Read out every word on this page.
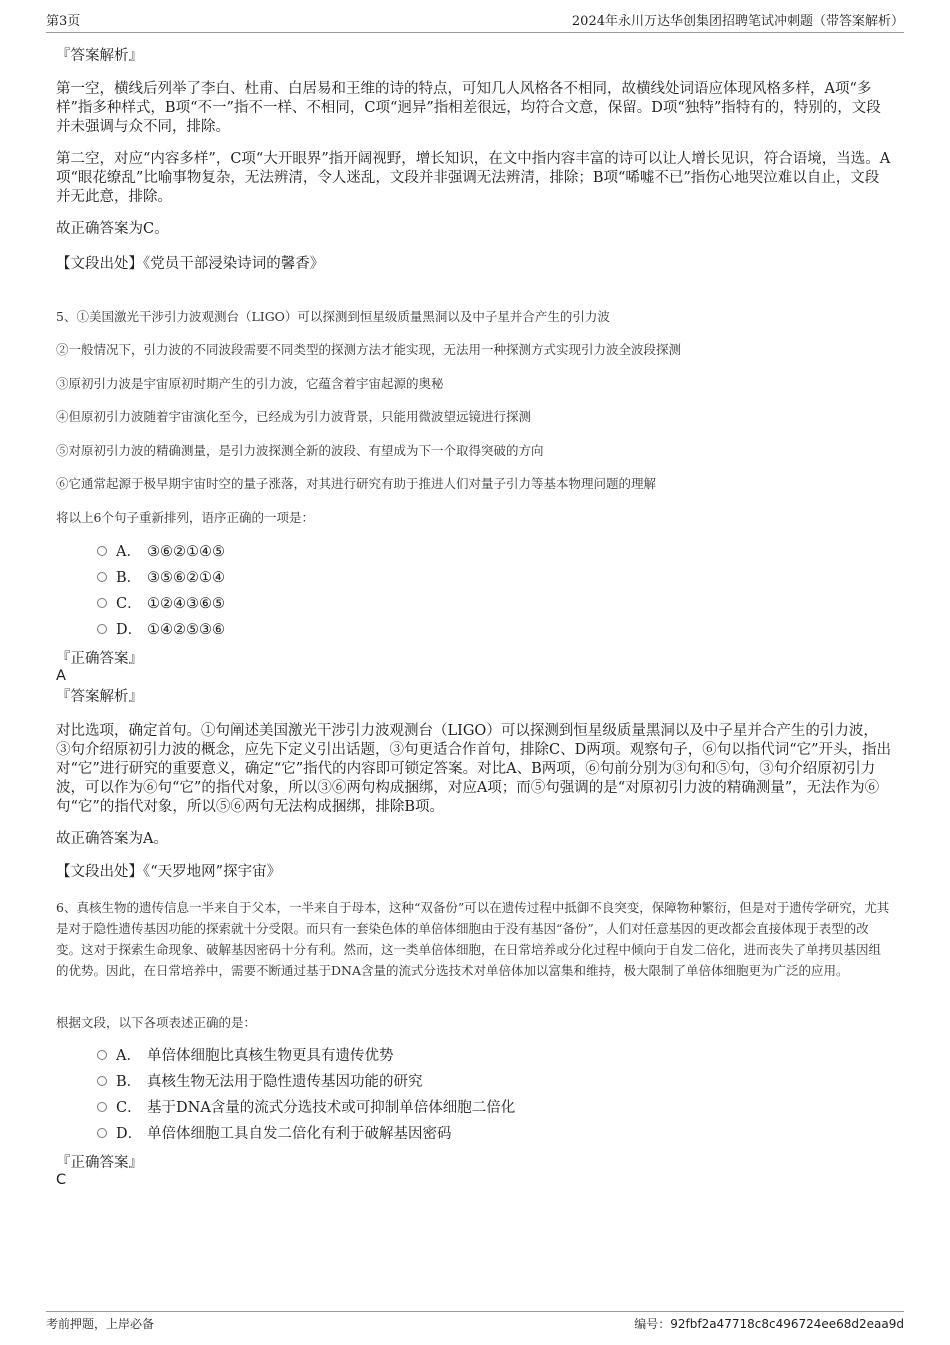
第3页	2024年永川万达华创集团招聘笔试冲刺题（带答案解析）

『答案解析』

第一空，横线后列举了李白、杜甫、白居易和王维的诗的特点，可知几人风格各不相同，故横线处词语应体现风格多样，A项“多样”指多种样式，B项“不一”指不一样、不相同，C项“迥异”指相差很远，均符合文意，保留。D项“独特”指特有的，特别的，文段并未强调与众不同，排除。

第二空，对应“内容多样”，C项“大开眼界”指开阔视野，增长知识，在文中指内容丰富的诗可以让人增长见识，符合语境，当选。A项“眼花缭乱”比喻事物复杂，无法辨清，令人迷乱，文段并非强调无法辨清，排除；B项“唏嘘不已”指伤心地哭泣难以自止，文段并无此意，排除。

故正确答案为C。

【文段出处】《党员干部浸染诗词的馨香》

5、①美国激光干涉引力波观测台（LIGO）可以探测到恒星级质量黑洞以及中子星并合产生的引力波

②一般情况下，引力波的不同波段需要不同类型的探测方法才能实现，无法用一种探测方式实现引力波全波段探测

③原初引力波是宇宙原初时期产生的引力波，它蕴含着宇宙起源的奥秘

④但原初引力波随着宇宙演化至今，已经成为引力波背景，只能用微波望远镜进行探测

⑤对原初引力波的精确测量，是引力波探测全新的波段、有望成为下一个取得突破的方向

⑥它通常起源于极早期宇宙时空的量子涨落，对其进行研究有助于推进人们对量子引力等基本物理问题的理解

将以上6个句子重新排列，语序正确的一项是：

A． ③⑥②①④⑤
B． ③⑤⑥②①④
C． ①②④③⑥⑤
D． ①④②⑤③⑥

『正确答案』

A

『答案解析』

对比选项，确定首句。①句阐述美国激光干涉引力波观测台（LIGO）可以探测到恒星级质量黑洞以及中子星并合产生的引力波，③句介绍原初引力波的概念，应先下定义引出话题，③句更适合作首句，排除C、D两项。观察句子，⑥句以指代词“它”开头，指出对“它”进行研究的重要意义，确定“它”指代的内容即可锁定答案。对比A、B两项，⑥句前分别为③句和⑤句，③句介绍原初引力波，可以作为⑥句“它”的指代对象，所以③⑥两句构成捆绑，对应A项；而⑤句强调的是“对原初引力波的精确测量”，无法作为⑥句“它”的指代对象，所以⑤⑥两句无法构成捆绑，排除B项。

故正确答案为A。

【文段出处】《“天罗地网”探宇宙》

6、真核生物的遗传信息一半来自于父本，一半来自于母本，这种“双备份”可以在遗传过程中抵御不良突变，保障物种繁衍，但是对于遗传学研究，尤其是对于隐性遗传基因功能的探索就十分受限。而只有一套染色体的单倍体细胞由于没有基因“备份”，人们对任意基因的更改都会直接体现于表型的改变。这对于探索生命现象、破解基因密码十分有利。然而，这一类单倍体细胞，在日常培养或分化过程中倾向于自发二倍化，进而丧失了单拷贝基因组的优势。因此，在日常培养中，需要不断通过基于DNA含量的流式分选技术对单倍体加以富集和维持，极大限制了单倍体细胞更为广泛的应用。

根据文段，以下各项表述正确的是：

A． 单倍体细胞比真核生物更具有遗传优势
B． 真核生物无法用于隐性遗传基因功能的研究
C． 基于DNA含量的流式分选技术或可抑制单倍体细胞二倍化
D． 单倍体细胞工具自发二倍化有利于破解基因密码

『正确答案』

C

考前押题，上岸必备	编号：92fbf2a47718c8c496724ee68d2eaa9d
